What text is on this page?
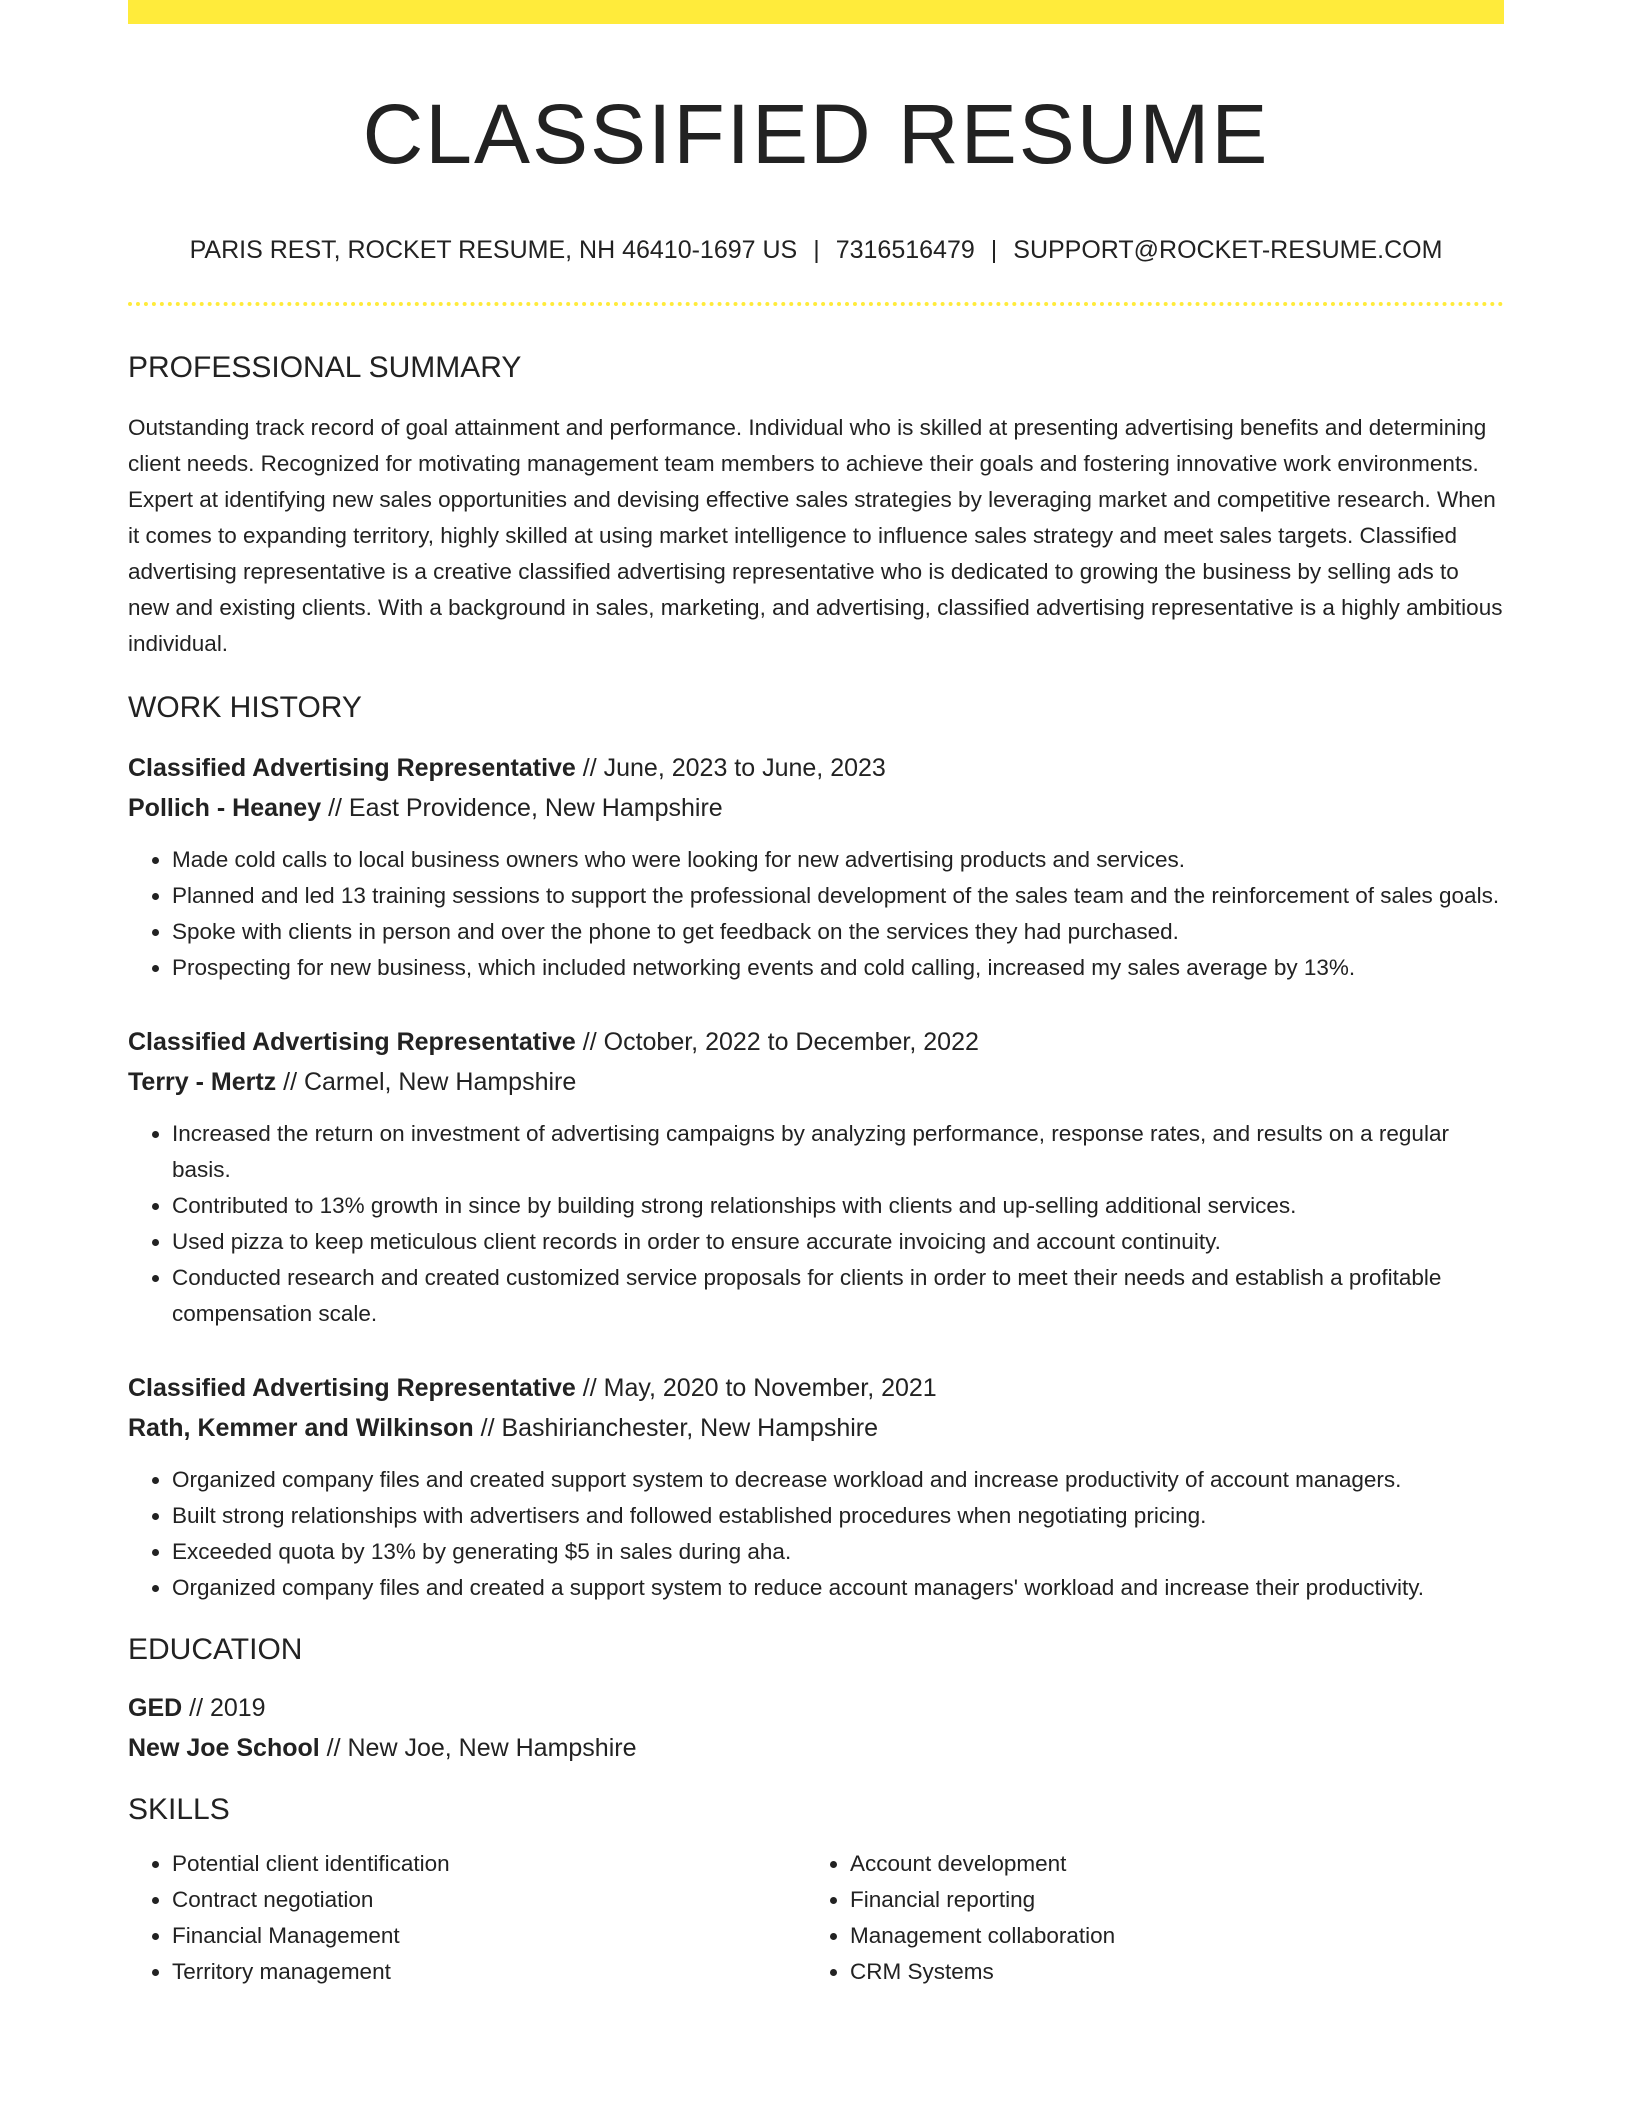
CLASSIFIED RESUME
PARIS REST, ROCKET RESUME, NH 46410-1697 US | 7316516479 | SUPPORT@ROCKET-RESUME.COM
PROFESSIONAL SUMMARY
Outstanding track record of goal attainment and performance. Individual who is skilled at presenting advertising benefits and determining client needs. Recognized for motivating management team members to achieve their goals and fostering innovative work environments. Expert at identifying new sales opportunities and devising effective sales strategies by leveraging market and competitive research. When it comes to expanding territory, highly skilled at using market intelligence to influence sales strategy and meet sales targets. Classified advertising representative is a creative classified advertising representative who is dedicated to growing the business by selling ads to new and existing clients. With a background in sales, marketing, and advertising, classified advertising representative is a highly ambitious individual.
WORK HISTORY
Classified Advertising Representative // June, 2023 to June, 2023
Pollich - Heaney // East Providence, New Hampshire
• Made cold calls to local business owners who were looking for new advertising products and services.
• Planned and led 13 training sessions to support the professional development of the sales team and the reinforcement of sales goals.
• Spoke with clients in person and over the phone to get feedback on the services they had purchased.
• Prospecting for new business, which included networking events and cold calling, increased my sales average by 13%.
Classified Advertising Representative // October, 2022 to December, 2022
Terry - Mertz // Carmel, New Hampshire
• Increased the return on investment of advertising campaigns by analyzing performance, response rates, and results on a regular basis.
• Contributed to 13% growth in since by building strong relationships with clients and up-selling additional services.
• Used pizza to keep meticulous client records in order to ensure accurate invoicing and account continuity.
• Conducted research and created customized service proposals for clients in order to meet their needs and establish a profitable compensation scale.
Classified Advertising Representative // May, 2020 to November, 2021
Rath, Kemmer and Wilkinson // Bashirianchester, New Hampshire
• Organized company files and created support system to decrease workload and increase productivity of account managers.
• Built strong relationships with advertisers and followed established procedures when negotiating pricing.
• Exceeded quota by 13% by generating $5 in sales during aha.
• Organized company files and created a support system to reduce account managers' workload and increase their productivity.
EDUCATION
GED // 2019
New Joe School // New Joe, New Hampshire
SKILLS
• Potential client identification
• Contract negotiation
• Financial Management
• Territory management
• Account development
• Financial reporting
• Management collaboration
• CRM Systems
